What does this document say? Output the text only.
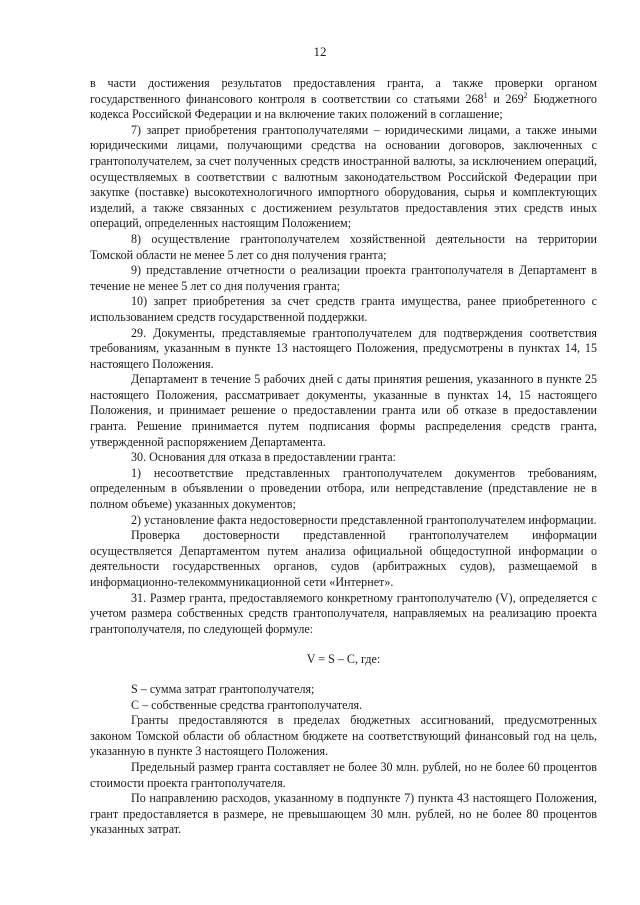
12

в части достижения результатов предоставления гранта, а также проверки органом государственного финансового контроля в соответствии со статьями $268^1$ и $269^2$ Бюджетного кодекса Российской Федерации и на включение таких положений в соглашение;

7) запрет приобретения грантополучателями – юридическими лицами, а также иными юридическими лицами, получающими средства на основании договоров, заключенных с грантополучателем, за счет полученных средств иностранной валюты, за исключением операций, осуществляемых в соответствии с валютным законодательством Российской Федерации при закупке (поставке) высокотехнологичного импортного оборудования, сырья и комплектующих изделий, а также связанных с достижением результатов предоставления этих средств иных операций, определенных настоящим Положением;

8) осуществление грантополучателем хозяйственной деятельности на территории Томской области не менее 5 лет со дня получения гранта;

9) представление отчетности о реализации проекта грантополучателя в Департамент в течение не менее 5 лет со дня получения гранта;

10) запрет приобретения за счет средств гранта имущества, ранее приобретенного с использованием средств государственной поддержки.

29. Документы, представляемые грантополучателем для подтверждения соответствия требованиям, указанным в пункте 13 настоящего Положения, предусмотрены в пунктах 14, 15 настоящего Положения.

Департамент в течение 5 рабочих дней с даты принятия решения, указанного в пункте 25 настоящего Положения, рассматривает документы, указанные в пунктах 14, 15 настоящего Положения, и принимает решение о предоставлении гранта или об отказе в предоставлении гранта. Решение принимается путем подписания формы распределения средств гранта, утвержденной распоряжением Департамента.

30. Основания для отказа в предоставлении гранта:

1) несоответствие представленных грантополучателем документов требованиям, определенным в объявлении о проведении отбора, или непредставление (представление не в полном объеме) указанных документов;

2) установление факта недостоверности представленной грантополучателем информации.

Проверка достоверности представленной грантополучателем информации осуществляется Департаментом путем анализа официальной общедоступной информации о деятельности государственных органов, судов (арбитражных судов), размещаемой в информационно-телекоммуникационной сети «Интернет».

31. Размер гранта, предоставляемого конкретному грантополучателю (V), определяется с учетом размера собственных средств грантополучателя, направляемых на реализацию проекта грантополучателя, по следующей формуле:

V = S – C, где:

S – сумма затрат грантополучателя;

C – собственные средства грантополучателя.

Гранты предоставляются в пределах бюджетных ассигнований, предусмотренных законом Томской области об областном бюджете на соответствующий финансовый год на цель, указанную в пункте 3 настоящего Положения.

Предельный размер гранта составляет не более 30 млн. рублей, но не более 60 процентов стоимости проекта грантополучателя.

По направлению расходов, указанному в подпункте 7) пункта 43 настоящего Положения, грант предоставляется в размере, не превышающем 30 млн. рублей, но не более 80 процентов указанных затрат.
